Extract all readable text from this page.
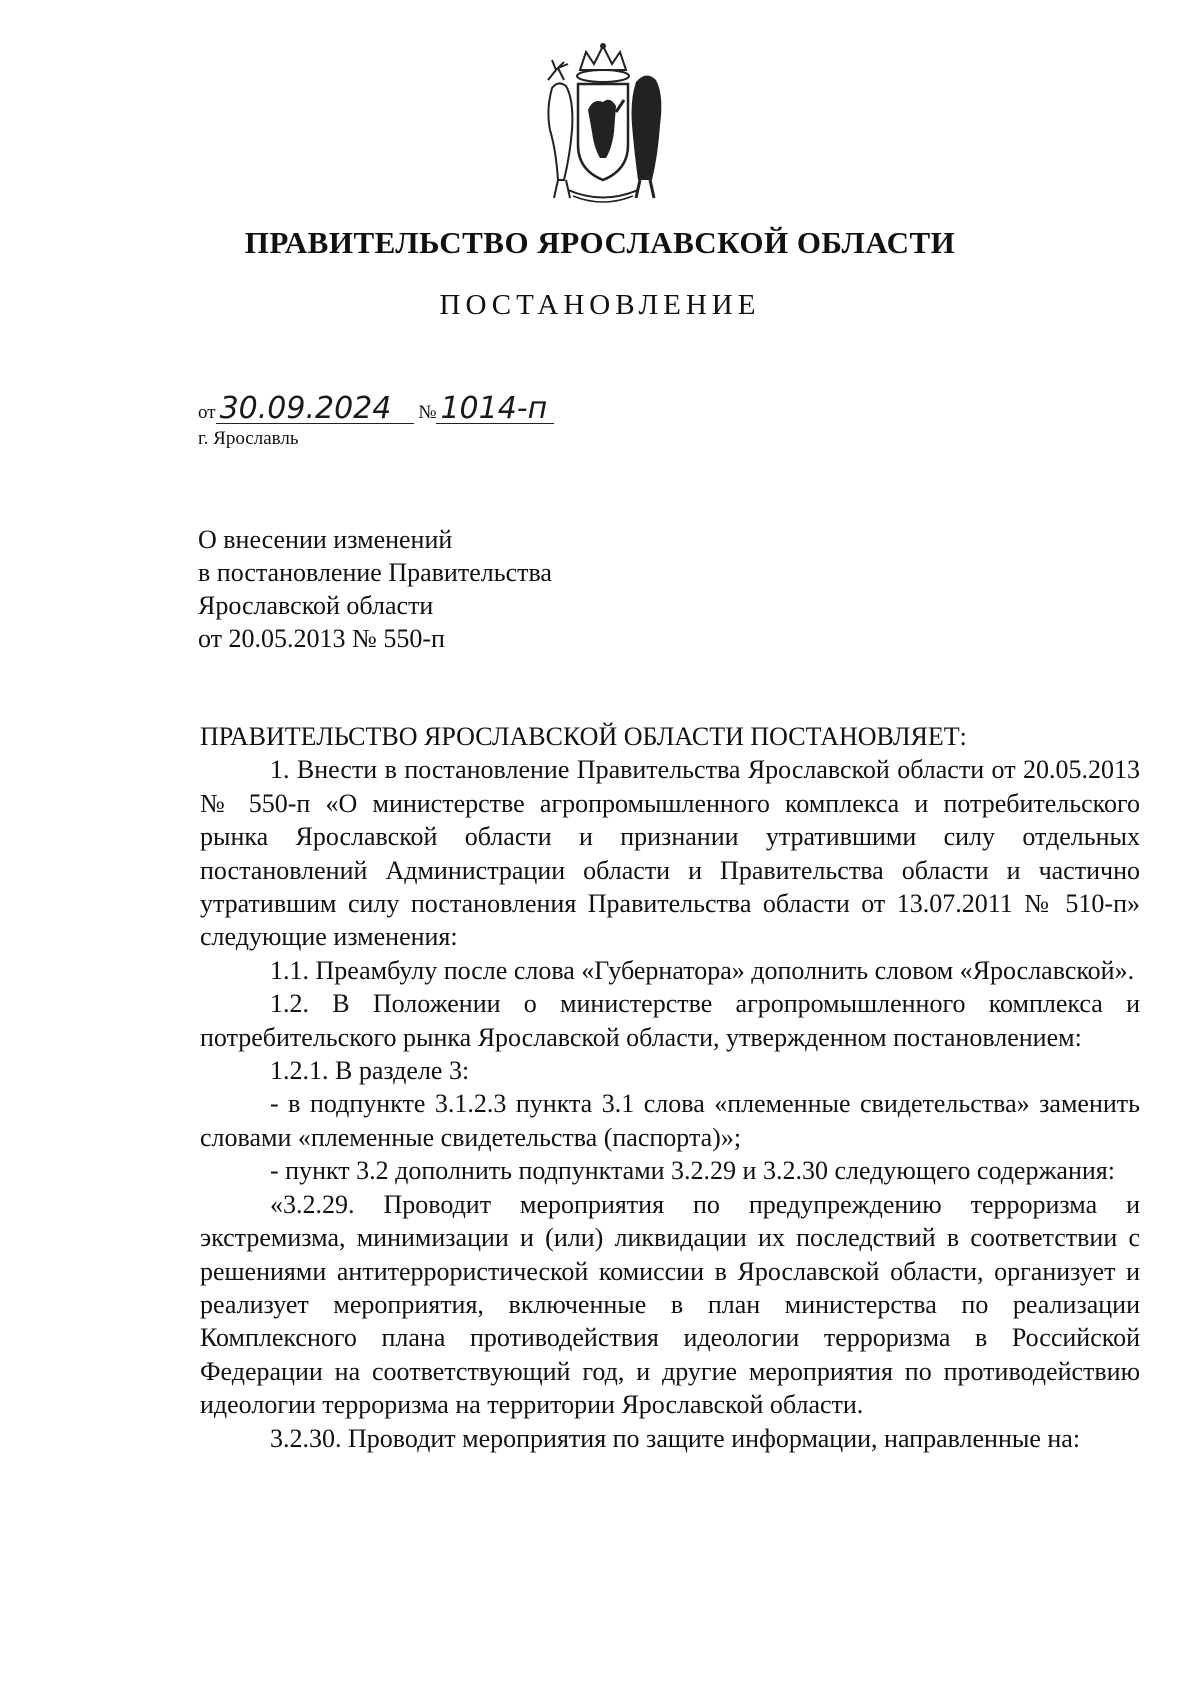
ПРАВИТЕЛЬСТВО ЯРОСЛАВСКОЙ ОБЛАСТИ
ПОСТАНОВЛЕНИЕ
от 30.09.2024 № 1014-п
г. Ярославль
О внесении изменений
в постановление Правительства
Ярославской области
от 20.05.2013 № 550-п

ПРАВИТЕЛЬСТВО ЯРОСЛАВСКОЙ ОБЛАСТИ ПОСТАНОВЛЯЕТ:

1. Внести в постановление Правительства Ярославской области от 20.05.2013 № 550-п «О министерстве агропромышленного комплекса и потребительского рынка Ярославской области и признании утратившими силу отдельных постановлений Администрации области и Правительства области и частично утратившим силу постановления Правительства области от 13.07.2011 № 510-п» следующие изменения:

1.1. Преамбулу после слова «Губернатора» дополнить словом «Ярославской».

1.2. В Положении о министерстве агропромышленного комплекса и потребительского рынка Ярославской области, утвержденном постановлением:

1.2.1. В разделе 3:

- в подпункте 3.1.2.3 пункта 3.1 слова «племенные свидетельства» заменить словами «племенные свидетельства (паспорта)»;

- пункт 3.2 дополнить подпунктами 3.2.29 и 3.2.30 следующего содержания:

«3.2.29. Проводит мероприятия по предупреждению терроризма и экстремизма, минимизации и (или) ликвидации их последствий в соответствии с решениями антитеррористической комиссии в Ярославской области, организует и реализует мероприятия, включенные в план министерства по реализации Комплексного плана противодействия идеологии терроризма в Российской Федерации на соответствующий год, и другие мероприятия по противодействию идеологии терроризма на территории Ярославской области.

3.2.30. Проводит мероприятия по защите информации, направленные на:
